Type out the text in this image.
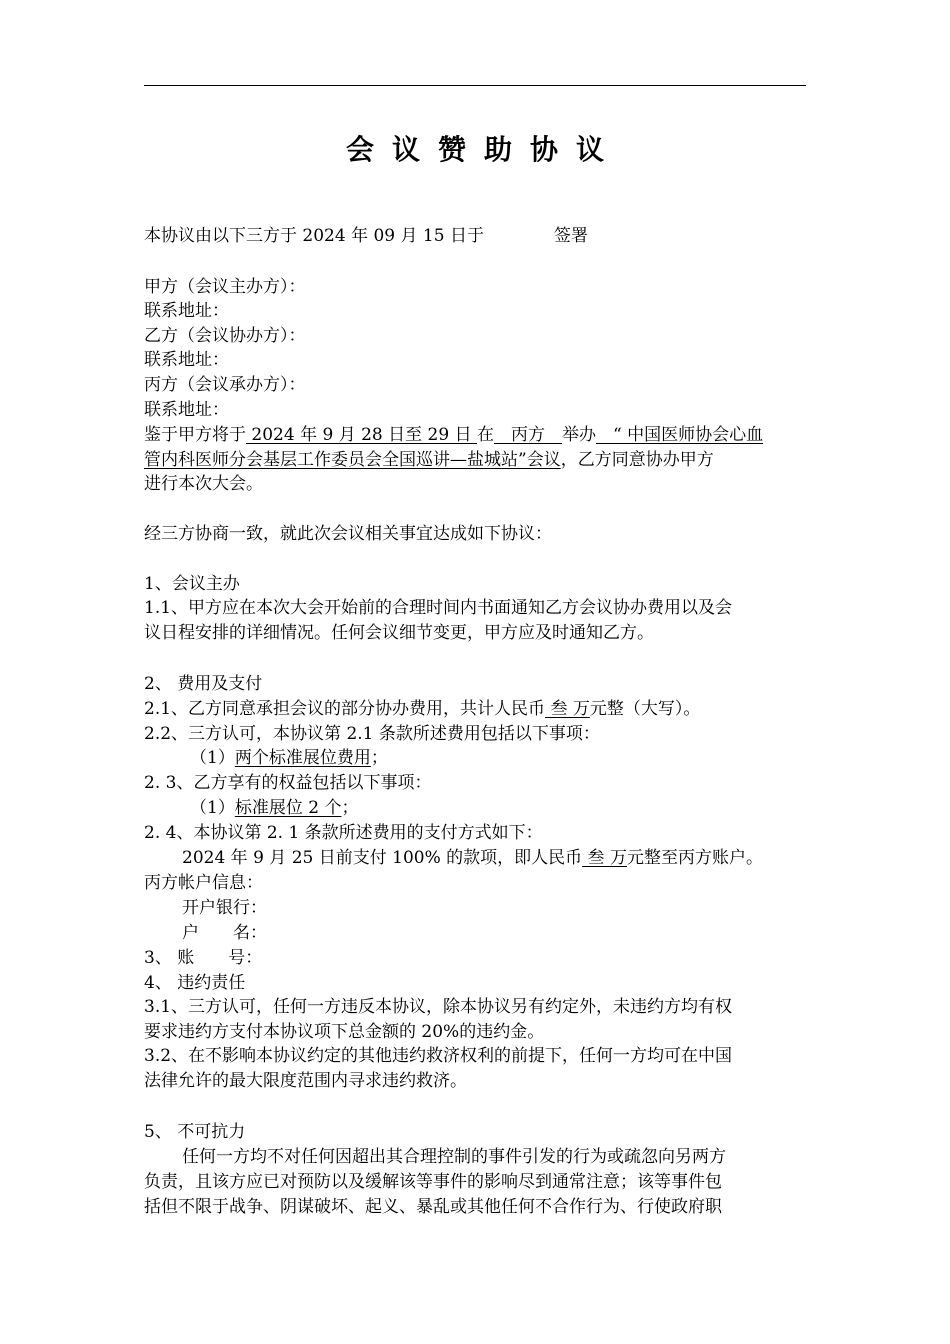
会议赞助协议
本协议由以下三方于 2024 年 09 月 15 日于	签署
甲方（会议主办方）：
联系地址：
乙方（会议协办方）：
联系地址：
丙方（会议承办方）：
联系地址：
鉴于甲方将于 2024 年 9 月 28 日至 29 日 在　丙方　举办　“ 中国医师协会心血
管内科医师分会基层工作委员会全国巡讲—盐城站”会议，乙方同意协办甲方
进行本次大会。
经三方协商一致，就此次会议相关事宜达成如下协议：
1、会议主办
1.1、甲方应在本次大会开始前的合理时间内书面通知乙方会议协办费用以及会
议日程安排的详细情况。任何会议细节变更，甲方应及时通知乙方。
2、 费用及支付
2.1、乙方同意承担会议的部分协办费用，共计人民币 叁 万元整（大写）。
2.2、三方认可，本协议第 2.1 条款所述费用包括以下事项：
（1）两个标准展位费用；
2. 3、乙方享有的权益包括以下事项：
（1）标准展位 2 个；
2. 4、本协议第 2. 1 条款所述费用的支付方式如下：
2024 年 9 月 25 日前支付 100% 的款项，即人民币 叁 万元整至丙方账户。
丙方帐户信息：
开户银行：
户　　名：
3、 账　　号：
4、 违约责任
3.1、三方认可，任何一方违反本协议，除本协议另有约定外，未违约方均有权
要求违约方支付本协议项下总金额的 20%的违约金。
3.2、在不影响本协议约定的其他违约救济权利的前提下，任何一方均可在中国
法律允许的最大限度范围内寻求违约救济。
5、 不可抗力
任何一方均不对任何因超出其合理控制的事件引发的行为或疏忽向另两方
负责，且该方应已对预防以及缓解该等事件的影响尽到通常注意；该等事件包
括但不限于战争、阴谋破坏、起义、暴乱或其他任何不合作行为、行使政府职
